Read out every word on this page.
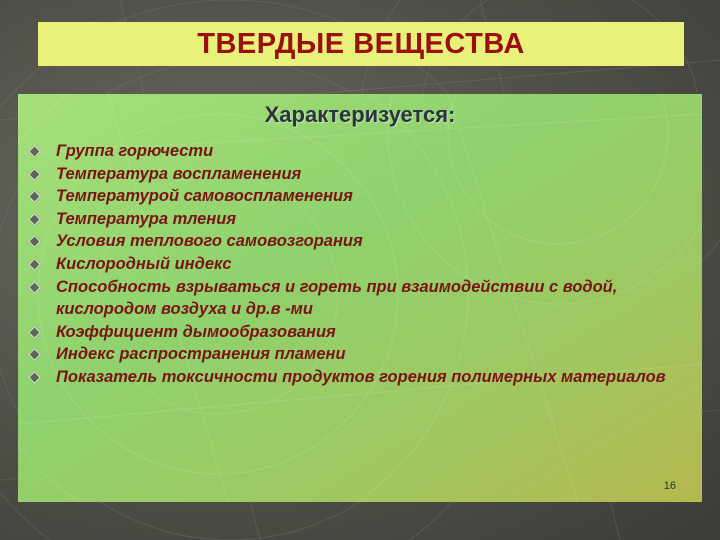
ТВЕРДЫЕ ВЕЩЕСТВА
Характеризуется:
Группа горючести
Температура воспламенения
Температурой самовоспламенения
Температура тления
Условия теплового самовозгорания
Кислородный индекс
Способность взрываться и гореть при взаимодействии с водой, кислородом воздуха и др.в -ми
Коэффициент дымообразования
Индекс распространения пламени
Показатель токсичности продуктов горения полимерных материалов
16
